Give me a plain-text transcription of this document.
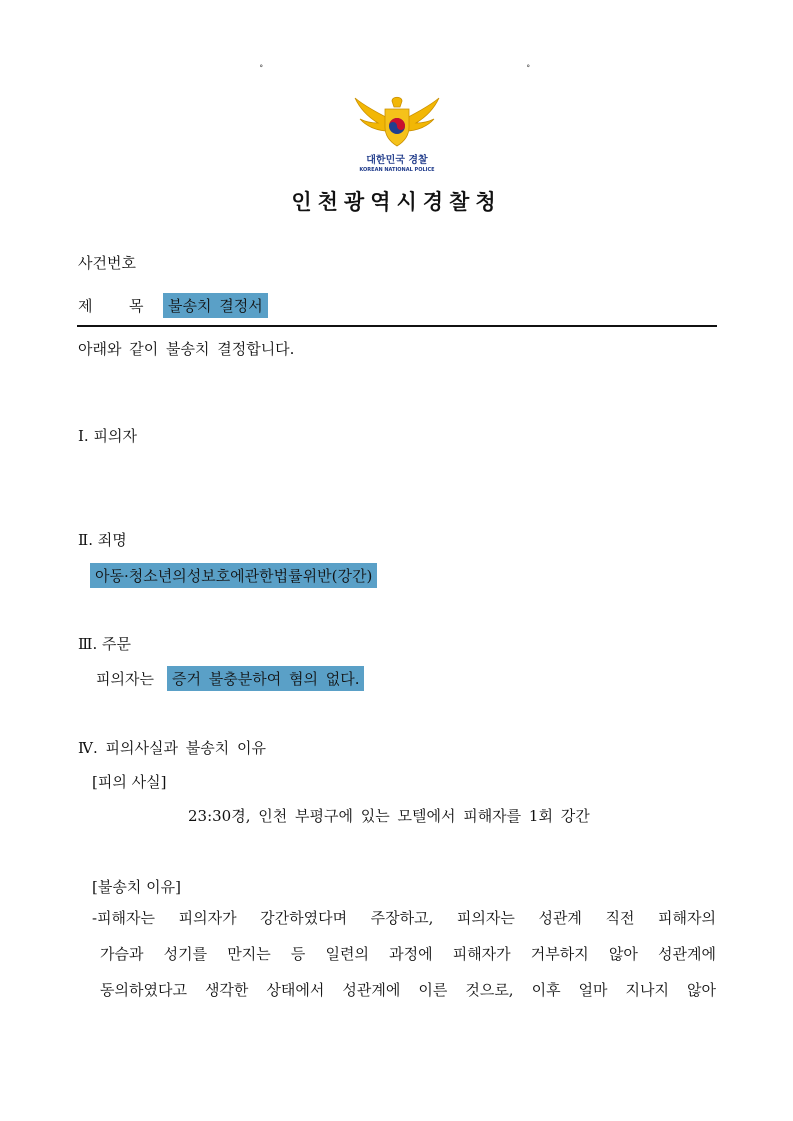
˚	˚
대한민국 경찰
KOREAN NATIONAL POLICE
인천광역시경찰청
사건번호
제 목	불송치 결정서
아래와 같이 불송치 결정합니다.
Ⅰ. 피의자
Ⅱ. 죄명
아동·청소년의성보호에관한법률위반(강간)
Ⅲ. 주문
피의자는	증거 불충분하여 혐의 없다.
Ⅳ. 피의사실과 불송치 이유
[피의 사실]
23:30경, 인천 부평구에 있는 모텔에서 피해자를 1회 강간
[불송치 이유]
-피해자는 피의자가 강간하였다며 주장하고, 피의자는 성관계 직전 피해자의
가슴과 성기를 만지는 등 일련의 과정에 피해자가 거부하지 않아 성관계에
동의하였다고 생각한 상태에서 성관계에 이른 것으로, 이후 얼마 지나지 않아
